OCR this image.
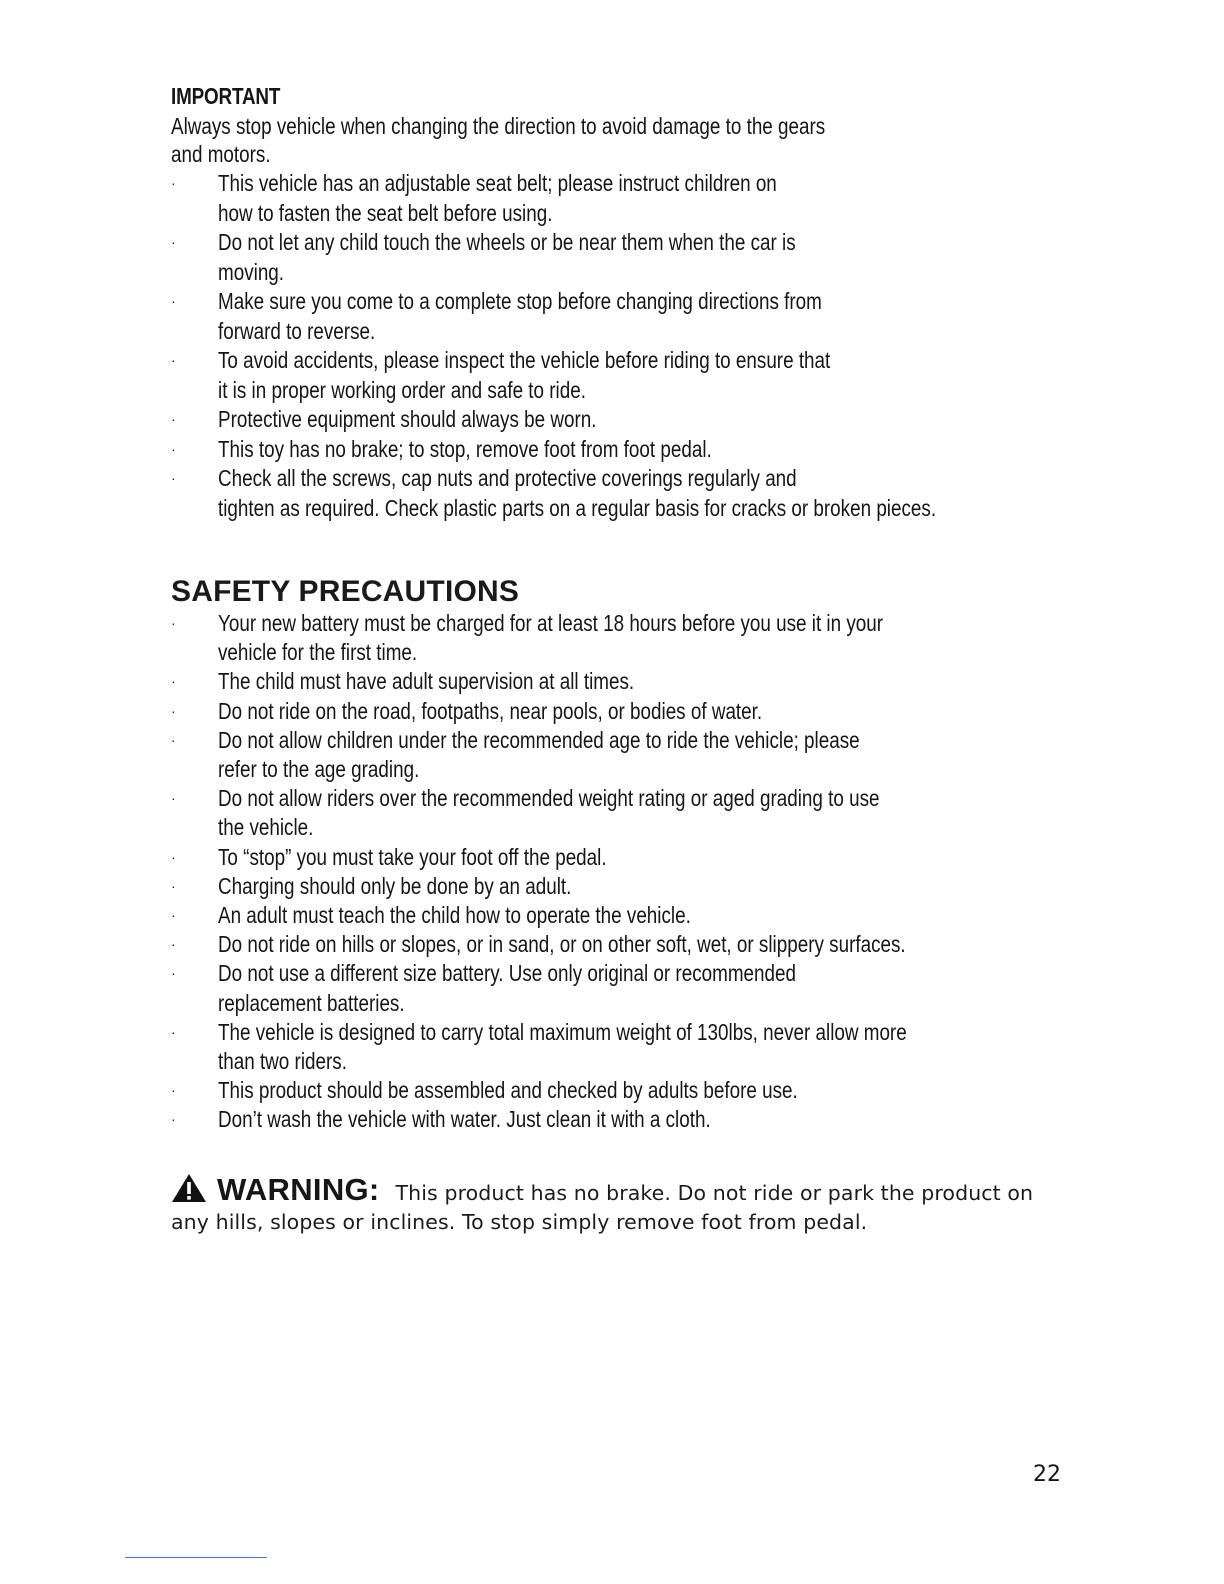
IMPORTANT
Always stop vehicle when changing the direction to avoid damage to the gears
and motors.
· This vehicle has an adjustable seat belt; please instruct children on
how to fasten the seat belt before using.
· Do not let any child touch the wheels or be near them when the car is
moving.
· Make sure you come to a complete stop before changing directions from
forward to reverse.
· To avoid accidents, please inspect the vehicle before riding to ensure that
it is in proper working order and safe to ride.
· Protective equipment should always be worn.
· This toy has no brake; to stop, remove foot from foot pedal.
· Check all the screws, cap nuts and protective coverings regularly and
tighten as required. Check plastic parts on a regular basis for cracks or broken pieces.
SAFETY PRECAUTIONS
· Your new battery must be charged for at least 18 hours before you use it in your
vehicle for the first time.
· The child must have adult supervision at all times.
· Do not ride on the road, footpaths, near pools, or bodies of water.
· Do not allow children under the recommended age to ride the vehicle; please
refer to the age grading.
· Do not allow riders over the recommended weight rating or aged grading to use
the vehicle.
· To “stop” you must take your foot off the pedal.
· Charging should only be done by an adult.
· An adult must teach the child how to operate the vehicle.
· Do not ride on hills or slopes, or in sand, or on other soft, wet, or slippery surfaces.
· Do not use a different size battery. Use only original or recommended
replacement batteries.
· The vehicle is designed to carry total maximum weight of 130lbs, never allow more
than two riders.
· This product should be assembled and checked by adults before use.
· Don’t wash the vehicle with water. Just clean it with a cloth.
WARNING: This product has no brake. Do not ride or park the product on
any hills, slopes or inclines. To stop simply remove foot from pedal.
22
